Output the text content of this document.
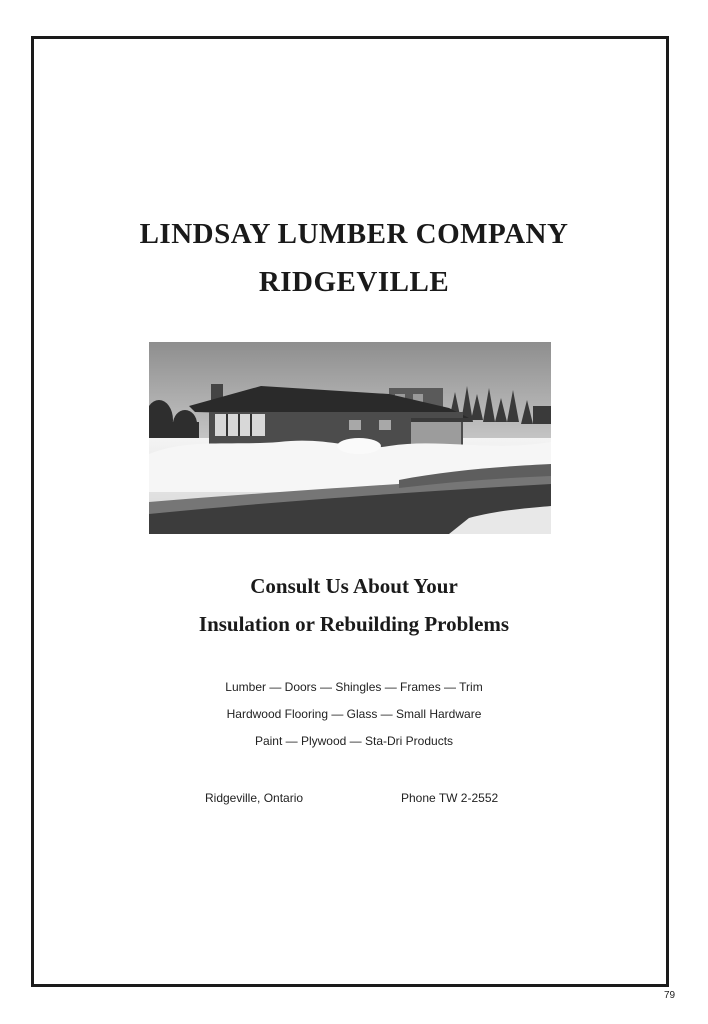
LINDSAY LUMBER COMPANY
RIDGEVILLE
Consult Us About Your
Insulation or Rebuilding Problems
Lumber — Doors — Shingles — Frames — Trim
Hardwood Flooring — Glass — Small Hardware
Paint — Plywood — Sta-Dri Products
Ridgeville, Ontario	Phone TW 2-2552
79
